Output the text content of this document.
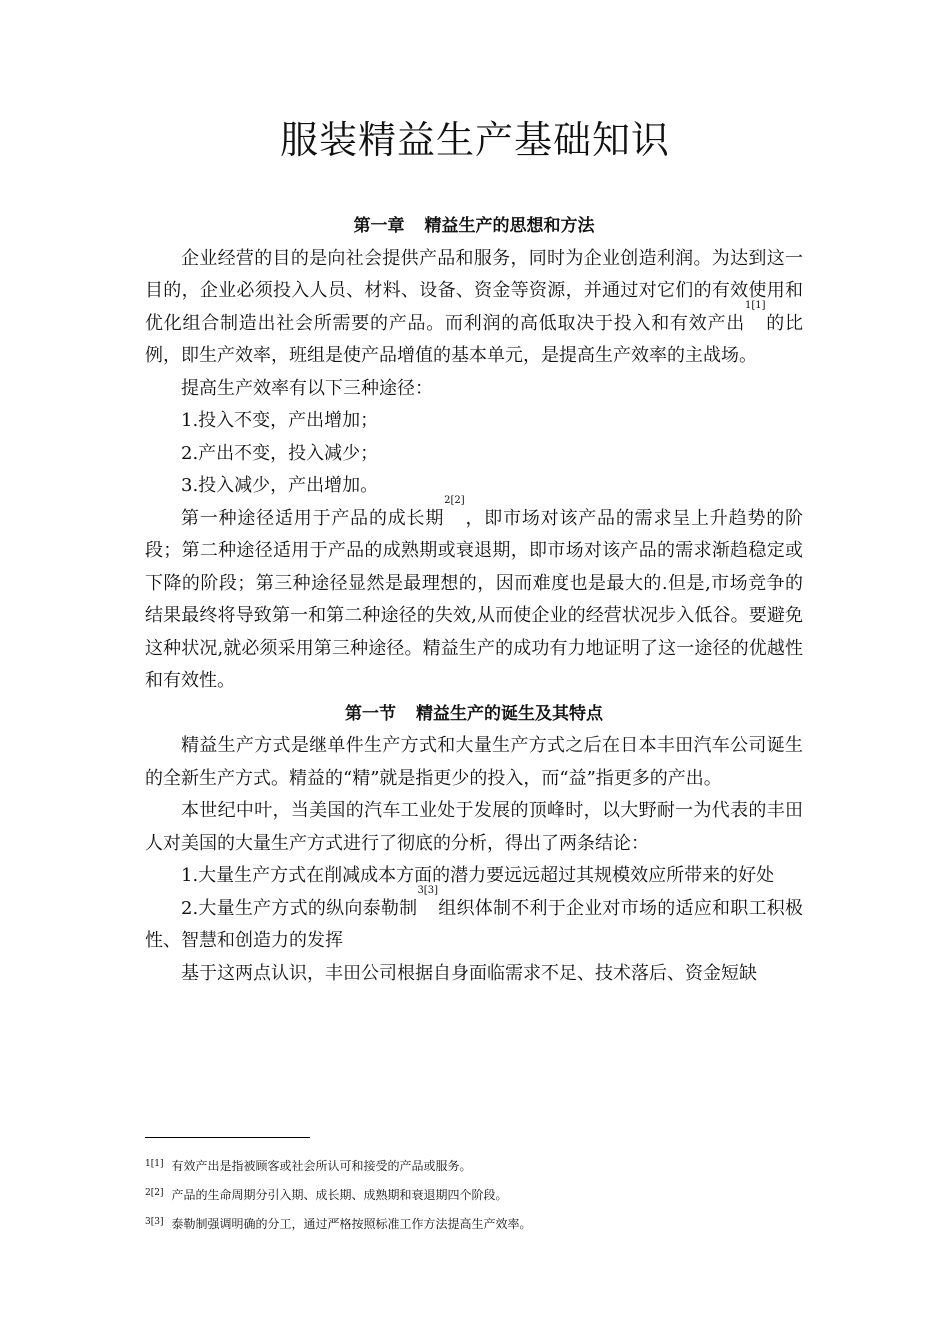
服装精益生产基础知识
第一章 精益生产的思想和方法

企业经营的目的是向社会提供产品和服务，同时为企业创造利润。为达到这一目的，企业必须投入人员、材料、设备、资金等资源，并通过对它们的有效使用和优化组合制造出社会所需要的产品。而利润的高低取决于投入和有效产出$^{1[1]}$的比例，即生产效率，班组是使产品增值的基本单元，是提高生产效率的主战场。

提高生产效率有以下三种途径：

1.投入不变，产出增加；

2.产出不变，投入减少；

3.投入减少，产出增加。

第一种途径适用于产品的成长期$^{2[2]}$，即市场对该产品的需求呈上升趋势的阶段；第二种途径适用于产品的成熟期或衰退期，即市场对该产品的需求渐趋稳定或下降的阶段；第三种途径显然是最理想的，因而难度也是最大的.但是,市场竞争的结果最终将导致第一和第二种途径的失效,从而使企业的经营状况步入低谷。要避免这种状况,就必须采用第三种途径。精益生产的成功有力地证明了这一途径的优越性和有效性。

第一节 精益生产的诞生及其特点

精益生产方式是继单件生产方式和大量生产方式之后在日本丰田汽车公司诞生的全新生产方式。精益的“精”就是指更少的投入，而“益”指更多的产出。

本世纪中叶，当美国的汽车工业处于发展的顶峰时，以大野耐一为代表的丰田人对美国的大量生产方式进行了彻底的分析，得出了两条结论：

1.大量生产方式在削减成本方面的潜力要远远超过其规模效应所带来的好处

2.大量生产方式的纵向泰勒制$^{3[3]}$组织体制不利于企业对市场的适应和职工积极性、智慧和创造力的发挥

基于这两点认识，丰田公司根据自身面临需求不足、技术落后、资金短缺

$^{1[1]}$ 有效产出是指被顾客或社会所认可和接受的产品或服务。
$^{2[2]}$ 产品的生命周期分引入期、成长期、成熟期和衰退期四个阶段。
$^{3[3]}$ 泰勒制强调明确的分工，通过严格按照标准工作方法提高生产效率。
